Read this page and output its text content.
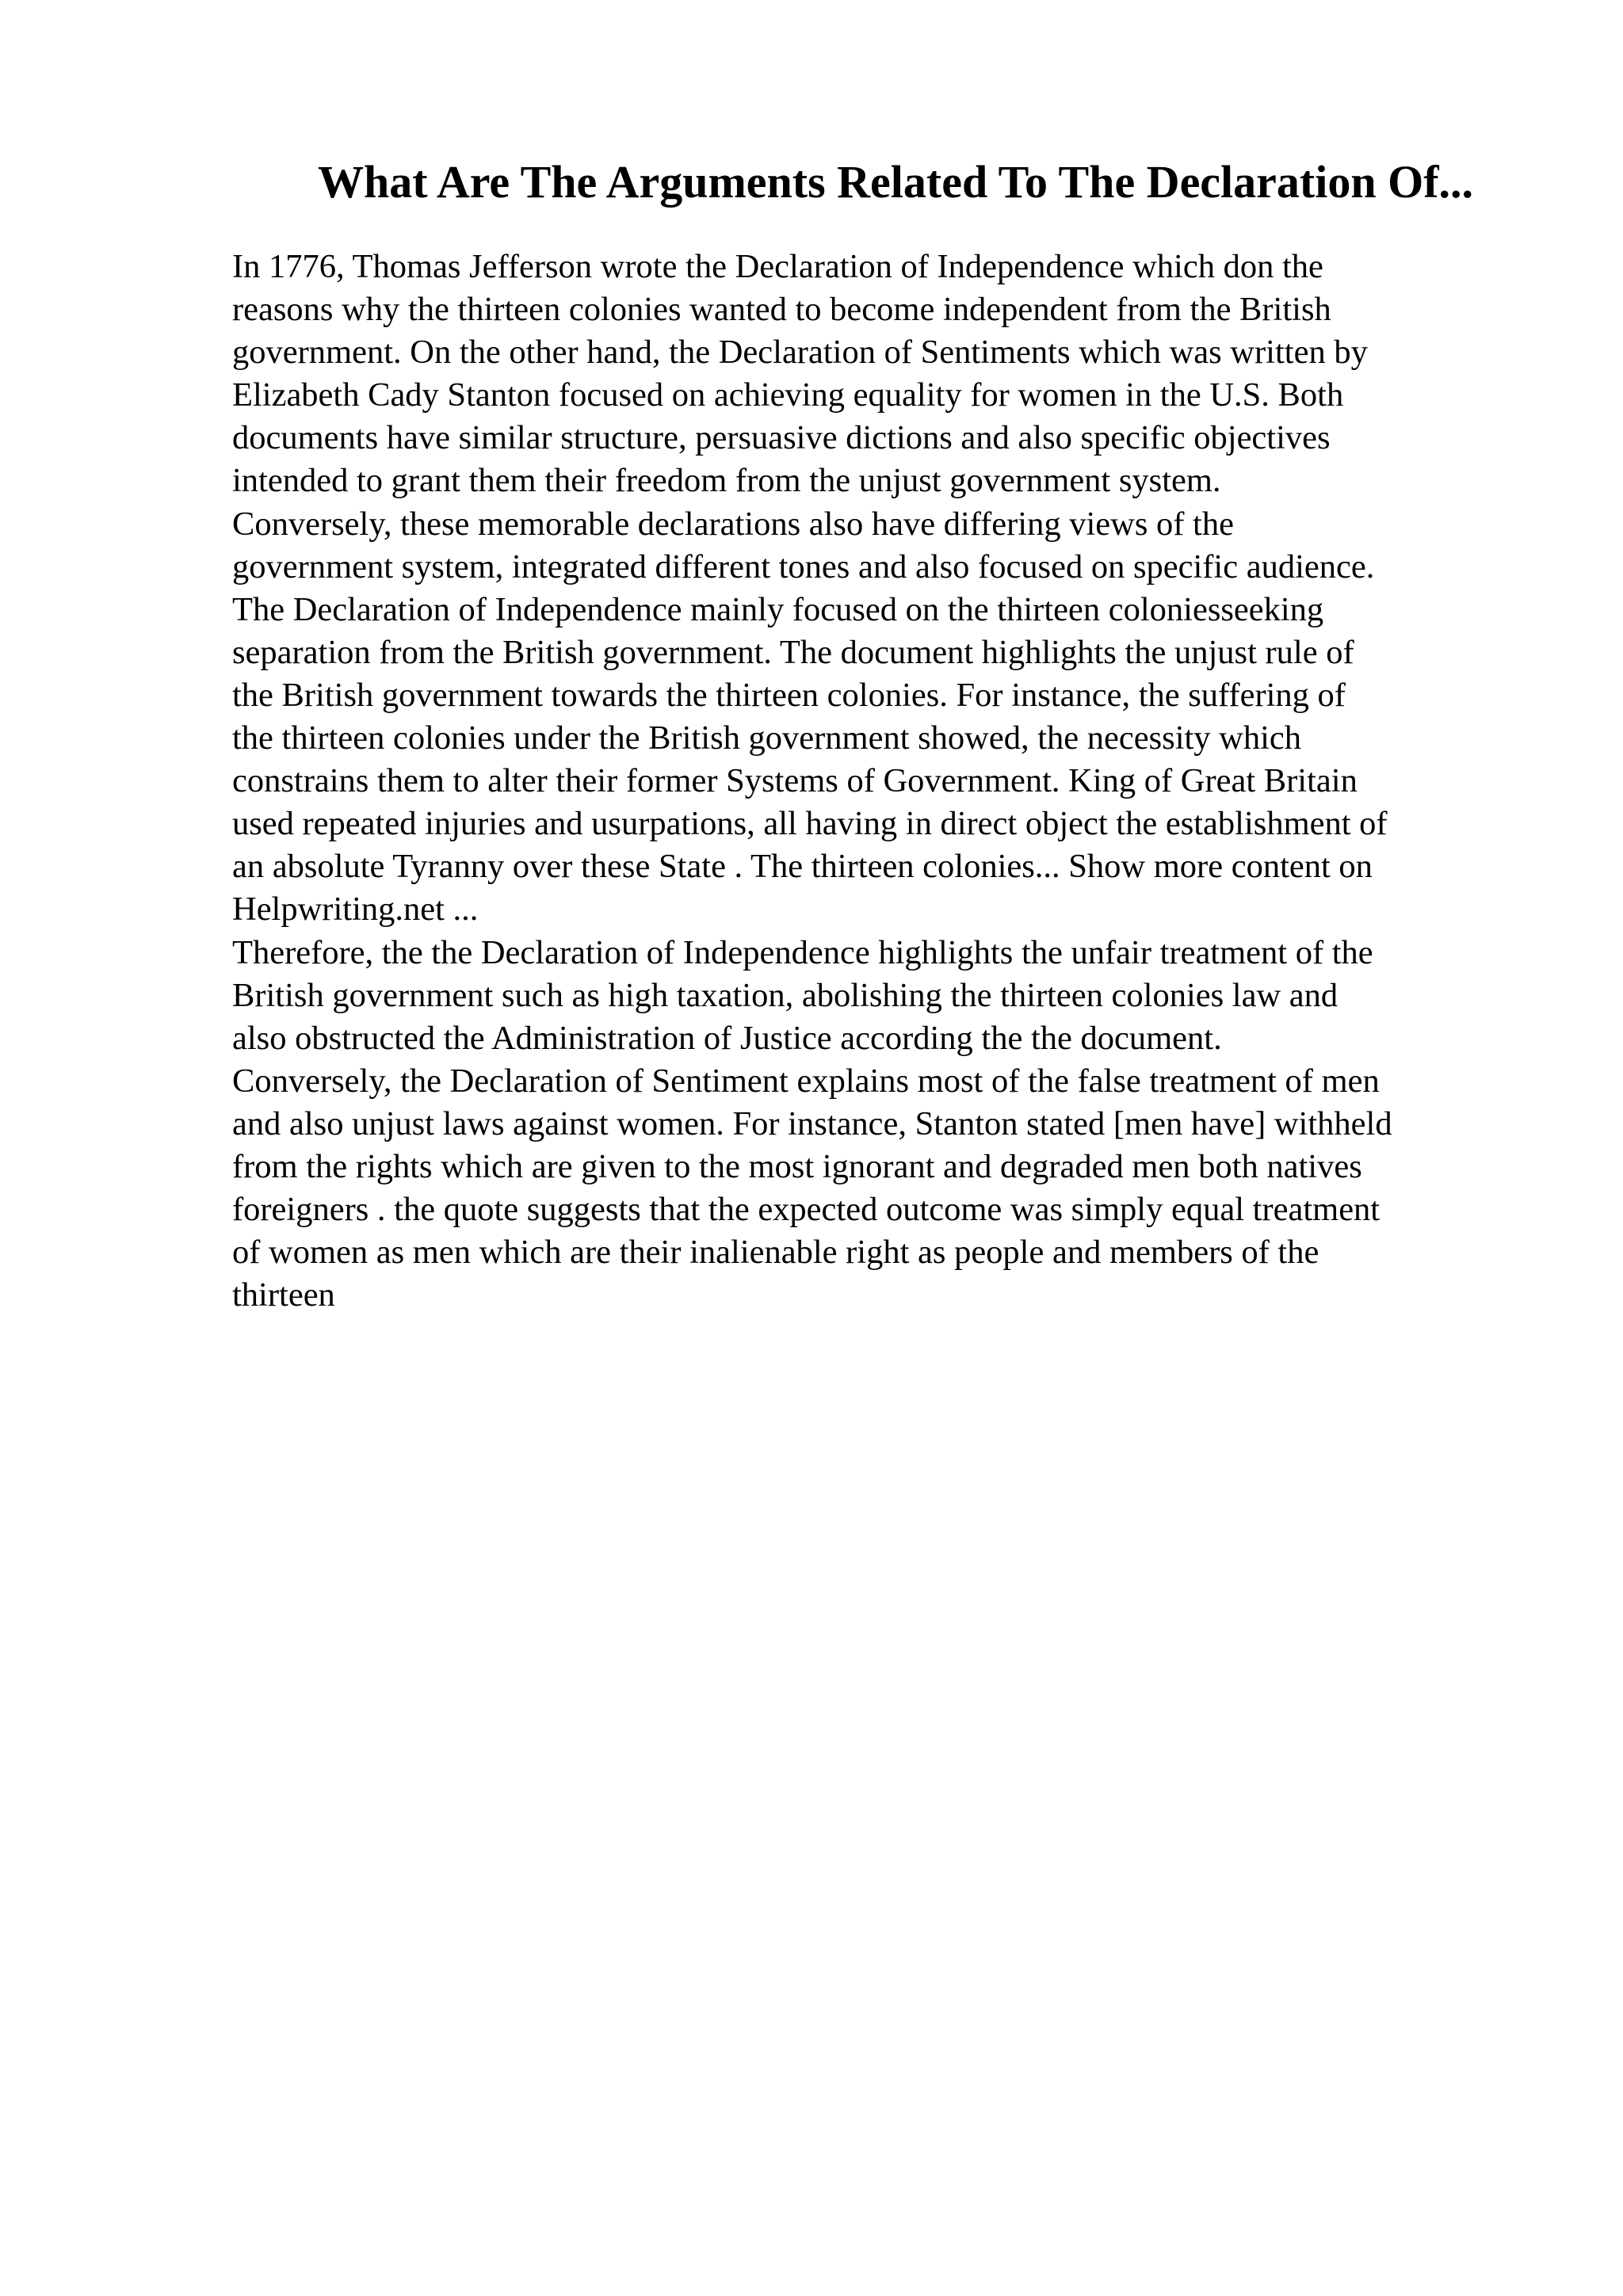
What Are The Arguments Related To The Declaration Of...
In 1776, Thomas Jefferson wrote the Declaration of Independence which don the
reasons why the thirteen colonies wanted to become independent from the British
government. On the other hand, the Declaration of Sentiments which was written by
Elizabeth Cady Stanton focused on achieving equality for women in the U.S. Both
documents have similar structure, persuasive dictions and also specific objectives
intended to grant them their freedom from the unjust government system.
Conversely, these memorable declarations also have differing views of the
government system, integrated different tones and also focused on specific audience.
The Declaration of Independence mainly focused on the thirteen coloniesseeking
separation from the British government. The document highlights the unjust rule of
the British government towards the thirteen colonies. For instance, the suffering of
the thirteen colonies under the British government showed, the necessity which
constrains them to alter their former Systems of Government. King of Great Britain
used repeated injuries and usurpations, all having in direct object the establishment of
an absolute Tyranny over these State . The thirteen colonies... Show more content on
Helpwriting.net ...
Therefore, the the Declaration of Independence highlights the unfair treatment of the
British government such as high taxation, abolishing the thirteen colonies law and
also obstructed the Administration of Justice according the the document.
Conversely, the Declaration of Sentiment explains most of the false treatment of men
and also unjust laws against women. For instance, Stanton stated [men have] withheld
from the rights which are given to the most ignorant and degraded men both natives
foreigners . the quote suggests that the expected outcome was simply equal treatment
of women as men which are their inalienable right as people and members of the
thirteen
